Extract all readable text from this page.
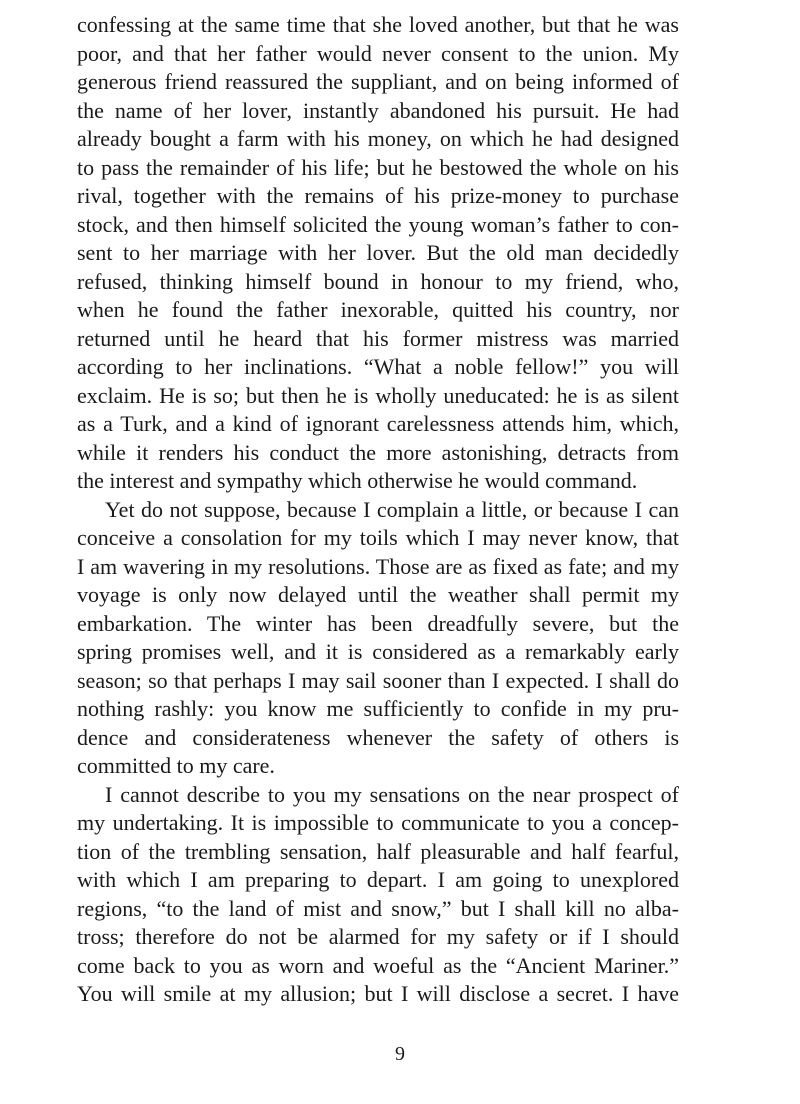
confessing at the same time that she loved another, but that he was
poor, and that her father would never consent to the union. My
generous friend reassured the suppliant, and on being informed of
the name of her lover, instantly abandoned his pursuit. He had
already bought a farm with his money, on which he had designed
to pass the remainder of his life; but he bestowed the whole on his
rival, together with the remains of his prize-money to purchase
stock, and then himself solicited the young woman’s father to con-
sent to her marriage with her lover. But the old man decidedly
refused, thinking himself bound in honour to my friend, who,
when he found the father inexorable, quitted his country, nor
returned until he heard that his former mistress was married
according to her inclinations. “What a noble fellow!” you will
exclaim. He is so; but then he is wholly uneducated: he is as silent
as a Turk, and a kind of ignorant carelessness attends him, which,
while it renders his conduct the more astonishing, detracts from
the interest and sympathy which otherwise he would command.

Yet do not suppose, because I complain a little, or because I can
conceive a consolation for my toils which I may never know, that
I am wavering in my resolutions. Those are as fixed as fate; and my
voyage is only now delayed until the weather shall permit my
embarkation. The winter has been dreadfully severe, but the
spring promises well, and it is considered as a remarkably early
season; so that perhaps I may sail sooner than I expected. I shall do
nothing rashly: you know me sufficiently to confide in my pru-
dence and considerateness whenever the safety of others is
committed to my care.

I cannot describe to you my sensations on the near prospect of
my undertaking. It is impossible to communicate to you a concep-
tion of the trembling sensation, half pleasurable and half fearful,
with which I am preparing to depart. I am going to unexplored
regions, “to the land of mist and snow,” but I shall kill no alba-
tross; therefore do not be alarmed for my safety or if I should
come back to you as worn and woeful as the “Ancient Mariner.”
You will smile at my allusion; but I will disclose a secret. I have

9
